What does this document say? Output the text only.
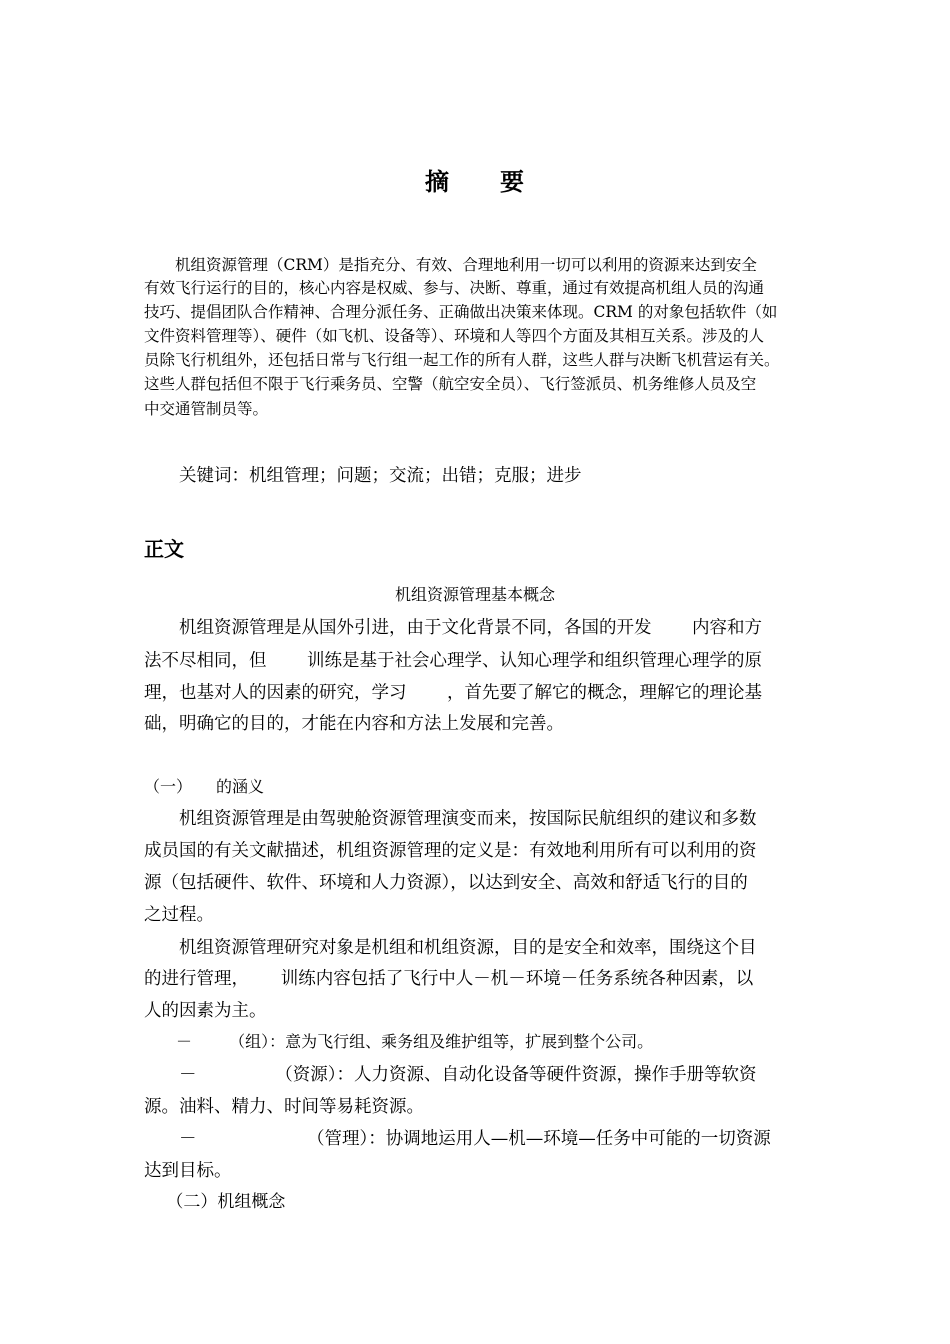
摘　　要
　　机组资源管理（CRM）是指充分、有效、合理地利用一切可以利用的资源来达到安全
有效飞行运行的目的，核心内容是权威、参与、决断、尊重，通过有效提高机组人员的沟通
技巧、提倡团队合作精神、合理分派任务、正确做出决策来体现。CRM 的对象包括软件（如
文件资料管理等）、硬件（如飞机、设备等）、环境和人等四个方面及其相互关系。涉及的人
员除飞行机组外，还包括日常与飞行组一起工作的所有人群，这些人群与决断飞机营运有关。
这些人群包括但不限于飞行乘务员、空警（航空安全员）、飞行签派员、机务维修人员及空
中交通管制员等。
　　关键词：机组管理；问题；交流；出错；克服；进步
正文
机组资源管理基本概念
　　机组资源管理是从国外引进，由于文化背景不同，各国的开发　　 内容和方
法不尽相同，但　　 训练是基于社会心理学、认知心理学和组织管理心理学的原
理，也基对人的因素的研究，学习　　 ，首先要了解它的概念，理解它的理论基
础，明确它的目的，才能在内容和方法上发展和完善。
（一）　　的涵义
　　机组资源管理是由驾驶舱资源管理演变而来，按国际民航组织的建议和多数
成员国的有关文献描述，机组资源管理的定义是：有效地利用所有可以利用的资
源（包括硬件、软件、环境和人力资源），以达到安全、高效和舒适飞行的目的
之过程。
　　机组资源管理研究对象是机组和机组资源，目的是安全和效率，围绕这个目
的进行管理，　　 训练内容包括了飞行中人－机－环境－任务系统各种因素，以
人的因素为主。
　　－　　 （组）：意为飞行组、乘务组及维护组等，扩展到整个公司。
　　－　　　　　（资源）：人力资源、自动化设备等硬件资源，操作手册等软资
源。油料、精力、时间等易耗资源。
　　－　　　　　　 （管理）：协调地运用人—机—环境—任务中可能的一切资源
达到目标。
　 （二）机组概念
